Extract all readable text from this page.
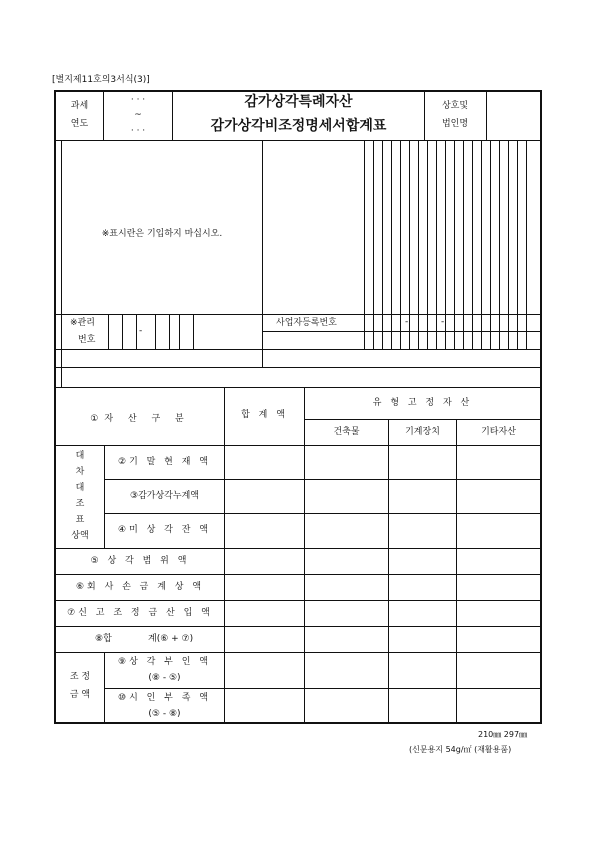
[별지제11호의3서식(3)]
과세
연도
· · ·
~
· · ·
감가상각특례자산
감가상각비조정명세서합계표
상호및
법인명
※표시란은 기입하지 마십시오.
※관리
번호
-
사업자등록번호	-	-
①자 산 구 분	합 계 액
유 형 고 정 자 산
건축물	기계장치	기타자산
대
차
대
조
표
상액
②기 말 현 재 액
③감가상각누계액
④미 상 각 잔 액
⑤ 상 각 범 위 액
⑥회 사 손 금 계 상 액
⑦신 고 조 정 금 산 입 액
⑧합	계(⑥ + ⑦)
조 정
금 액
⑨상 각 부 인 액
(⑧ - ⑤)
⑩시 인 부 족 액
(⑤ - ⑧)
210㎜ 297㎜
(신문용지 54g/㎡ (재활용품)
